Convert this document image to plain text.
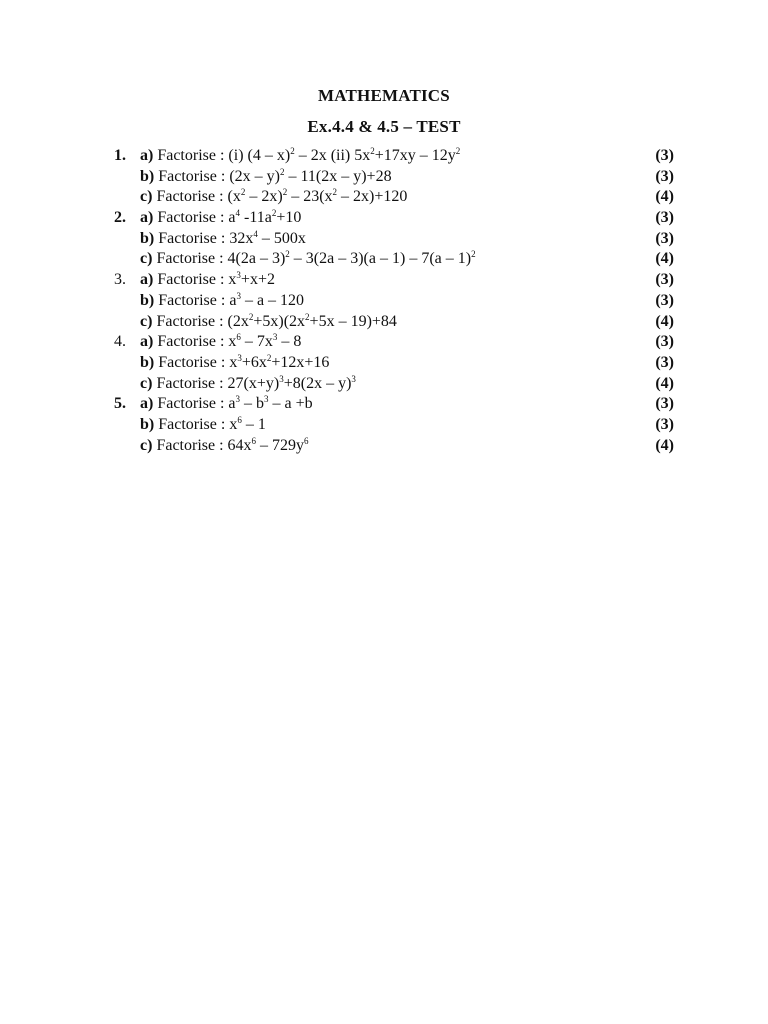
MATHEMATICS
Ex.4.4 & 4.5 – TEST
1. a) Factorise : (i) (4 – x)$^2$ – 2x (ii) $5x^2+17xy - 12y^2$	(3)
b) Factorise : (2x – y)$^2$ – 11(2x – y)+28	(3)
c) Factorise : $(x^2 - 2x)^2 - 23(x^2 - 2x)+120$	(4)
2. a) Factorise : $a^4$ $-11a^2+10$	(3)
b) Factorise : $32x^4 - 500x$	(3)
c) Factorise : 4(2a – 3)$^2$ – 3(2a – 3)(a – 1) – 7(a – 1)$^2$	(4)
3. a) Factorise : $x^3+x+2$	(3)
b) Factorise : $a^3$ – a – 120	(3)
c) Factorise : $(2x^2+5x)(2x^2+5x - 19)+84$	(4)
4. a) Factorise : $x^6 - 7x^3 - 8$	(3)
b) Factorise : $x^3+6x^2+12x+16$	(3)
c) Factorise : $27(x+y)^3+8(2x - y)^3$	(4)
5. a) Factorise : $a^3 - b^3 - a +b$	(3)
b) Factorise : $x^6 - 1$	(3)
c) Factorise : $64x^6 - 729y^6$	(4)
